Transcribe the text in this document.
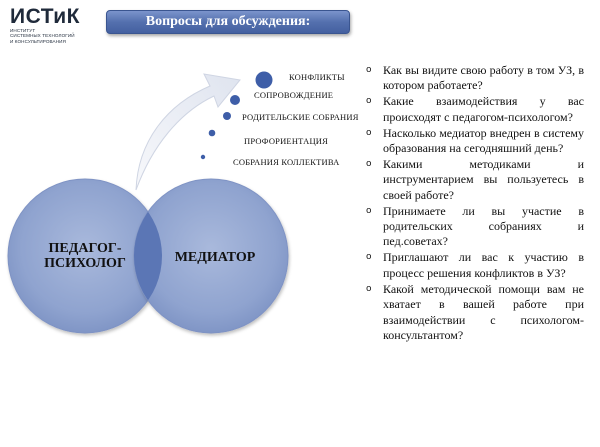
ИСТиК
ИНСТИТУТ
СИСТЕМНЫХ ТЕХНОЛОГИЙ
И КОНСУЛЬТИРОВАНИЯ
Вопросы для обсуждения:
КОНФЛИКТЫ
СОПРОВОЖДЕНИЕ
РОДИТЕЛЬСКИЕ СОБРАНИЯ
ПРОФОРИЕНТАЦИЯ
СОБРАНИЯ КОЛЛЕКТИВА
ПЕДАГОГ-
ПСИХОЛОГ	МЕДИАТОР
o Как вы видите свою работу в том УЗ, в котором работаете?
o Какие взаимодействия у вас происходят с педагогом-психологом?
o Насколько медиатор внедрен в систему образования на сегодняшний день?
o Какими методиками и инструментарием вы пользуетесь в своей работе?
o Принимаете ли вы участие в родительских собраниях и пед.советах?
o Приглашают ли вас к участию в процесс решения конфликтов в УЗ?
o Какой методической помощи вам не хватает в вашей работе при взаимодействии с психологом-консультантом?
